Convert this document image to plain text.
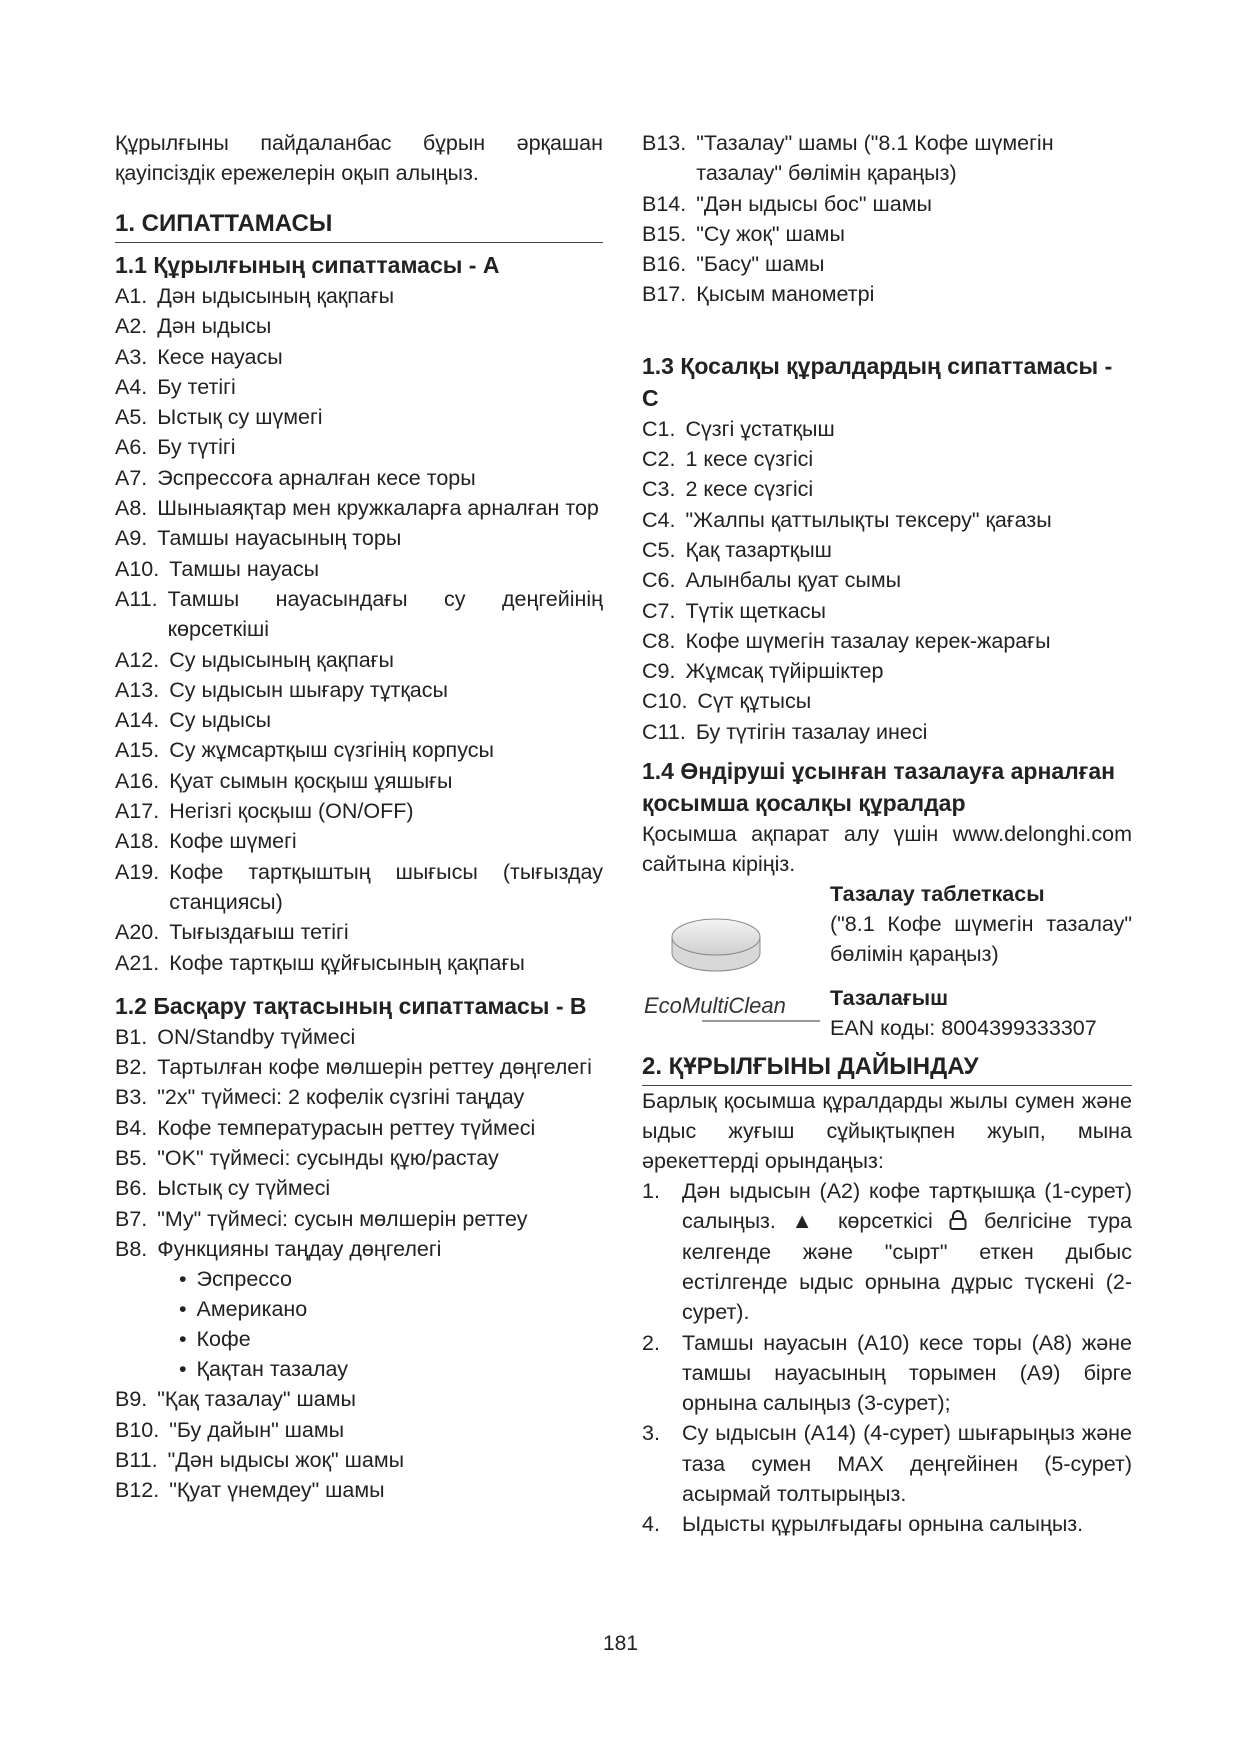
Құрылғыны пайдаланбас бұрын әрқашан қауіпсіздік ережелерін оқып алыңыз.

1. СИПАТТАМАСЫ
1.1 Құрылғының сипаттамасы - A
A1. Дән ыдысының қақпағы
A2. Дән ыдысы
A3. Кесе науасы
A4. Бу тетігі
A5. Ыстық су шүмегі
A6. Бу түтігі
A7. Эспрессоға арналған кесе торы
A8. Шыныаяқтар мен кружкаларға арналған тор
A9. Тамшы науасының торы
A10. Тамшы науасы
A11. Тамшы науасындағы су деңгейінің көрсеткіші
A12. Су ыдысының қақпағы
A13. Су ыдысын шығару тұтқасы
A14. Су ыдысы
A15. Су жұмсартқыш сүзгінің корпусы
A16. Қуат сымын қосқыш ұяшығы
A17. Негізгі қосқыш (ON/OFF)
A18. Кофе шүмегі
A19. Кофе тартқыштың шығысы (тығыздау станциясы)
A20. Тығыздағыш тетігі
A21. Кофе тартқыш құйғысының қақпағы
1.2 Басқару тақтасының сипаттамасы - B
B1. ON/Standby түймесі
B2. Тартылған кофе мөлшерін реттеу дөңгелегі
B3. "2x" түймесі: 2 кофелік сүзгіні таңдау
B4. Кофе температурасын реттеу түймесі
B5. "OK" түймесі: сусынды құю/растау
B6. Ыстық су түймесі
B7. "My" түймесі: сусын мөлшерін реттеу
B8. Функцияны таңдау дөңгелегі
• Эспрессо
• Американо
• Кофе
• Қақтан тазалау
B9. "Қақ тазалау" шамы
B10. "Бу дайын" шамы
B11. "Дән ыдысы жоқ" шамы
B12. "Қуат үнемдеу" шамы
B13. "Тазалау" шамы ("8.1 Кофе шүмегін тазалау" бөлімін қараңыз)
B14. "Дән ыдысы бос" шамы
B15. "Су жоқ" шамы
B16. "Басу" шамы
B17. Қысым манометрі
1.3 Қосалқы құралдардың сипаттамасы - C
C1. Сүзгі ұстатқыш
C2. 1 кесе сүзгісі
C3. 2 кесе сүзгісі
C4. "Жалпы қаттылықты тексеру" қағазы
C5. Қақ тазартқыш
C6. Алынбалы қуат сымы
C7. Түтік щеткасы
C8. Кофе шүмегін тазалау керек-жарағы
C9. Жұмсақ түйіршіктер
C10. Сүт құтысы
C11. Бу түтігін тазалау инесі
1.4 Өндіруші ұсынған тазалауға арналған қосымша қосалқы құралдар

Қосымша ақпарат алу үшін www.delonghi.com сайтына кіріңіз.

Тазалау таблеткасы
("8.1 Кофе шүмегін тазалау" бөлімін қараңыз)
EcoMultiClean Тазалағыш
EAN коды: 8004399333307
2. ҚҰРЫЛҒЫНЫ ДАЙЫНДАУ

Барлық қосымша құралдарды жылы сумен және ыдыс жуғыш сұйықтықпен жуып, мына әрекеттерді орындаңыз:

1.	Дән ыдысын (A2) кофе тартқышқа (1-сурет) салыңыз. ▲ көрсеткісі белгісіне тура келгенде және "сырт" еткен дыбыс естілгенде ыдыс орнына дұрыс түскені (2-сурет).
2.	Тамшы науасын (A10) кесе торы (A8) және тамшы науасының торымен (A9) бірге орнына салыңыз (3-сурет);
3.	Су ыдысын (A14) (4-сурет) шығарыңыз және таза сумен MAX деңгейінен (5-сурет) асырмай толтырыңыз.
4.	Ыдысты құрылғыдағы орнына салыңыз.
181
